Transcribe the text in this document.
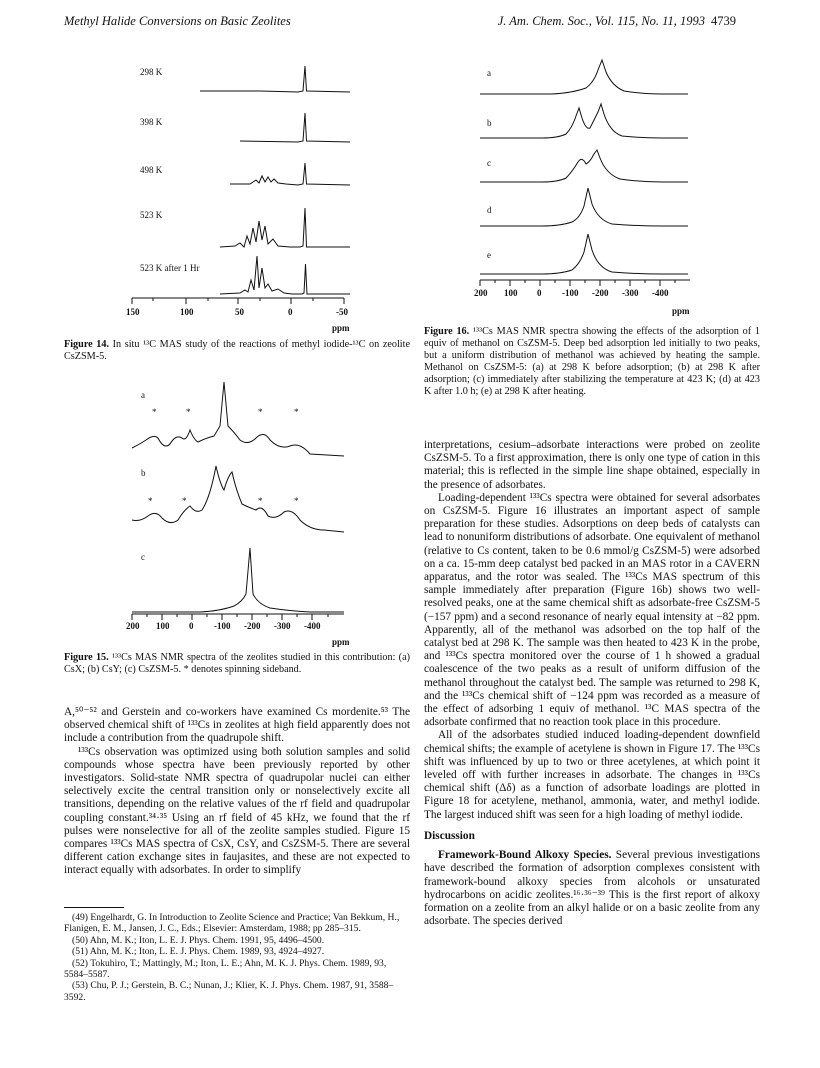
Methyl Halide Conversions on Basic Zeolites	J. Am. Chem. Soc., Vol. 115, No. 11, 1993 4739
298 K
398 K
498 K
523 K
523 K after 1 Hr
150	100	50	0	-50
ppm
Figure 14. In situ ¹³C MAS study of the reactions of methyl iodide-¹³C on zeolite CsZSM-5.
a
*	*	*	*
b
*	*	*	*
c
200 100 0 -100 -200 -300 -400
ppm
Figure 15. ¹³³Cs MAS NMR spectra of the zeolites studied in this contribution: (a) CsX; (b) CsY; (c) CsZSM-5. * denotes spinning sideband.

A,⁵⁰⁻⁵² and Gerstein and co-workers have examined Cs mordenite.⁵³ The observed chemical shift of ¹³³Cs in zeolites at high field apparently does not include a contribution from the quadrupole shift.

¹³³Cs observation was optimized using both solution samples and solid compounds whose spectra have been previously reported by other investigators. Solid-state NMR spectra of quadrupolar nuclei can either selectively excite the central transition only or nonselectively excite all transitions, depending on the relative values of the rf field and quadrupolar coupling constant.³⁴·³⁵ Using an rf field of 45 kHz, we found that the rf pulses were nonselective for all of the zeolite samples studied. Figure 15 compares ¹³³Cs MAS spectra of CsX, CsY, and CsZSM-5. There are several different cation exchange sites in faujasites, and these are not expected to interact equally with adsorbates. In order to simplify

(49) Engelhardt, G. In Introduction to Zeolite Science and Practice; Van Bekkum, H., Flanigen, E. M., Jansen, J. C., Eds.; Elsevier: Amsterdam, 1988; pp 285–315.
(50) Ahn, M. K.; Iton, L. E. J. Phys. Chem. 1991, 95, 4496–4500.
(51) Ahn, M. K.; Iton, L. E. J. Phys. Chem. 1989, 93, 4924–4927.
(52) Tokuhiro, T.; Mattingly, M.; Iton, L. E.; Ahn, M. K. J. Phys. Chem. 1989, 93, 5584–5587.
(53) Chu, P. J.; Gerstein, B. C.; Nunan, J.; Klier, K. J. Phys. Chem. 1987, 91, 3588–3592.
a
b
c
d
e
200 100 0 -100 -200 -300 -400
ppm
Figure 16. ¹³³Cs MAS NMR spectra showing the effects of the adsorption of 1 equiv of methanol on CsZSM-5. Deep bed adsorption led initially to two peaks, but a uniform distribution of methanol was achieved by heating the sample. Methanol on CsZSM-5: (a) at 298 K before adsorption; (b) at 298 K after adsorption; (c) immediately after stabilizing the temperature at 423 K; (d) at 423 K after 1.0 h; (e) at 298 K after heating.

interpretations, cesium–adsorbate interactions were probed on zeolite CsZSM-5. To a first approximation, there is only one type of cation in this material; this is reflected in the simple line shape obtained, especially in the presence of adsorbates.

Loading-dependent ¹³³Cs spectra were obtained for several adsorbates on CsZSM-5. Figure 16 illustrates an important aspect of sample preparation for these studies. Adsorptions on deep beds of catalysts can lead to nonuniform distributions of adsorbate. One equivalent of methanol (relative to Cs content, taken to be 0.6 mmol/g CsZSM-5) were adsorbed on a ca. 15-mm deep catalyst bed packed in an MAS rotor in a CAVERN apparatus, and the rotor was sealed. The ¹³³Cs MAS spectrum of this sample immediately after preparation (Figure 16b) shows two well-resolved peaks, one at the same chemical shift as adsorbate-free CsZSM-5 (−157 ppm) and a second resonance of nearly equal intensity at −82 ppm. Apparently, all of the methanol was adsorbed on the top half of the catalyst bed at 298 K. The sample was then heated to 423 K in the probe, and ¹³³Cs spectra monitored over the course of 1 h showed a gradual coalescence of the two peaks as a result of uniform diffusion of the methanol throughout the catalyst bed. The sample was returned to 298 K, and the ¹³³Cs chemical shift of −124 ppm was recorded as a measure of the effect of adsorbing 1 equiv of methanol. ¹³C MAS spectra of the adsorbate confirmed that no reaction took place in this procedure.

All of the adsorbates studied induced loading-dependent downfield chemical shifts; the example of acetylene is shown in Figure 17. The ¹³³Cs shift was influenced by up to two or three acetylenes, at which point it leveled off with further increases in adsorbate. The changes in ¹³³Cs chemical shift (Δδ) as a function of adsorbate loadings are plotted in Figure 18 for acetylene, methanol, ammonia, water, and methyl iodide. The largest induced shift was seen for a high loading of methyl iodide.

Discussion

Framework-Bound Alkoxy Species. Several previous investigations have described the formation of adsorption complexes consistent with framework-bound alkoxy species from alcohols or unsaturated hydrocarbons on acidic zeolites.¹⁶·³⁶⁻³⁹ This is the first report of alkoxy formation on a zeolite from an alkyl halide or on a basic zeolite from any adsorbate. The species derived
